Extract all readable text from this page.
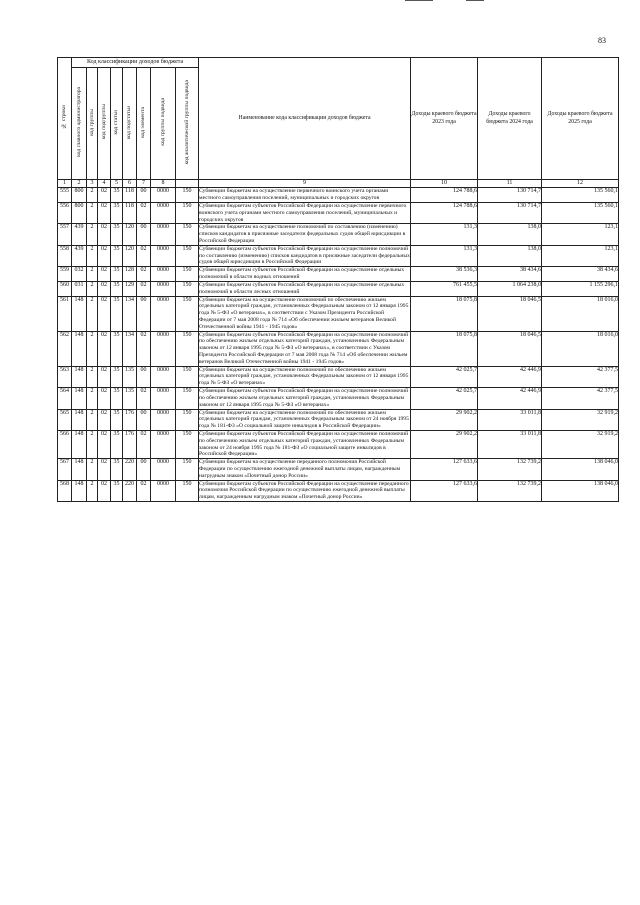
83
№ строки	Код классификации доходов бюджета								Наименование кода классификации доходов бюджета	Доходы краевого бюджета 2023 года	Доходы краевого бюджета 2024 года	Доходы краевого бюджета 2025 года
	код главного администратора	код группы	код подгруппы	код статьи	код подстатьи	код элемента	код группы подвида	код аналитической группы подвида				
1	2	3	4	5	6	7	8		9	10	11	12
555	800	2	02	35	118	00	0000	150	Субвенции бюджетам на осуществление первичного воинского учета органами местного самоуправления поселений, муниципальных и городских округов	124 788,6	130 714,7	135 560,1
556	800	2	02	35	118	02	0000	150	Субвенции бюджетам субъектов Российской Федерации на осуществление первичного воинского учета органами местного самоуправления поселений, муниципальных и городских округов	124 788,6	130 714,7	135 560,1
557	439	2	02	35	120	00	0000	150	Субвенции бюджетам на осуществление полномочий по составлению (изменению) списков кандидатов в присяжные заседатели федеральных судов общей юрисдикции в Российской Федерации	131,3	138,0	123,1
558	439	2	02	35	120	02	0000	150	Субвенции бюджетам субъектов Российской Федерации на осуществление полномочий по составлению (изменению) списков кандидатов в присяжные заседатели федеральных судов общей юрисдикции в Российской Федерации	131,3	138,0	123,1
559	032	2	02	35	128	02	0000	150	Субвенции бюджетам субъектов Российской Федерации на осуществление отдельных полномочий в области водных отношений	38 536,3	38 434,6	38 434,6
560	031	2	02	35	129	02	0000	150	Субвенции бюджетам субъектов Российской Федерации на осуществление отдельных полномочий в области лесных отношений	761 455,5	1 064 238,0	1 155 296,1
561	148	2	02	35	134	00	0000	150	Субвенции бюджетам на осуществление полномочий по обеспечению жильем отдельных категорий граждан, установленных Федеральным законом от 12 января 1995 года № 5-ФЗ «О ветеранах», в соответствии с Указом Президента Российской Федерации от 7 мая 2008 года № 714 «Об обеспечении жильем ветеранов Великой Отечественной войны 1941 - 1945 годов»	18 075,8	18 046,5	18 016,0
562	148	2	02	35	134	02	0000	150	Субвенции бюджетам субъектов Российской Федерации на осуществление полномочий по обеспечению жильем отдельных категорий граждан, установленных Федеральным законом от 12 января 1995 года № 5-ФЗ «О ветеранах», в соответствии с Указом Президента Российской Федерации от 7 мая 2008 года № 714 «Об обеспечении жильем ветеранов Великой Отечественной войны 1941 - 1945 годов»	18 075,8	18 046,5	18 016,0
563	148	2	02	35	135	00	0000	150	Субвенции бюджетам на осуществление полномочий по обеспечению жильем отдельных категорий граждан, установленных Федеральным законом от 12 января 1995 года № 5-ФЗ «О ветеранах»	42 025,7	42 446,9	42 377,5
564	148	2	02	35	135	02	0000	150	Субвенции бюджетам субъектов Российской Федерации на осуществление полномочий по обеспечению жильем отдельных категорий граждан, установленных Федеральным законом от 12 января 1995 года № 5-ФЗ «О ветеранах»	42 025,7	42 446,9	42 377,5
565	148	2	02	35	176	00	0000	150	Субвенции бюджетам на осуществление полномочий по обеспечению жильем отдельных категорий граждан, установленных Федеральным законом от 24 ноября 1995 года № 181-ФЗ «О социальной защите инвалидов в Российской Федерации»	29 902,2	33 011,8	32 919,2
566	148	2	02	35	176	02	0000	150	Субвенции бюджетам субъектов Российской Федерации на осуществление полномочий по обеспечению жильем отдельных категорий граждан, установленных Федеральным законом от 24 ноября 1995 года № 181-ФЗ «О социальной защите инвалидов в Российской Федерации»	29 902,2	33 011,8	32 919,2
567	148	2	02	35	220	00	0000	150	Субвенции бюджетам на осуществление переданного полномочия Российской Федерации по осуществлению ежегодной денежной выплаты лицам, награжденным нагрудным знаком «Почетный донор России»	127 633,6	132 739,2	138 046,0
568	148	2	02	35	220	02	0000	150	Субвенции бюджетам субъектов Российской Федерации на осуществление переданного полномочия Российской Федерации по осуществлению ежегодной денежной выплаты лицам, награжденным нагрудным знаком «Почетный донор России»	127 633,6	132 739,2	138 046,0
